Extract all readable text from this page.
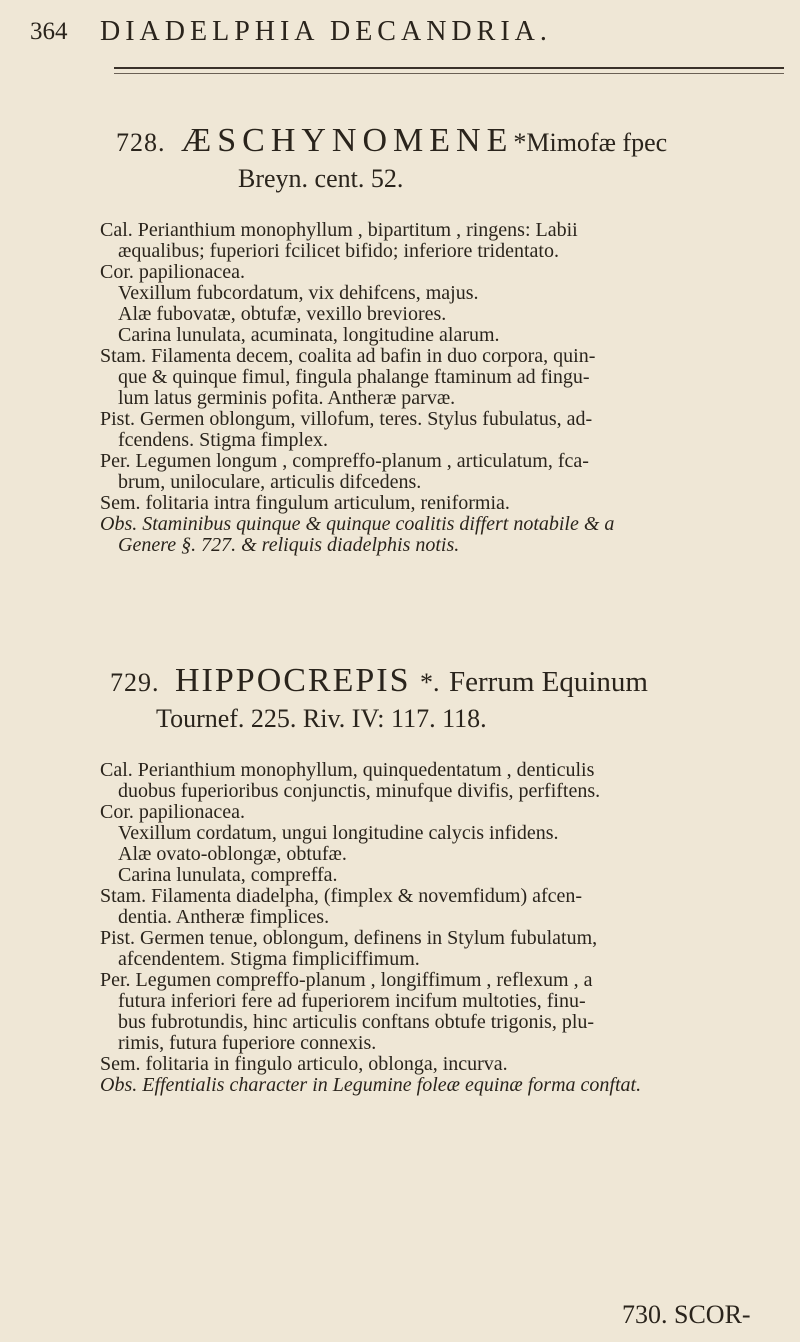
364 DIADELPHIA DECANDRIA.
728. ÆSCHYNOMENE*Mimofæ fpec
Breyn. cent. 52.
Cal. Perianthium monophyllum , bipartitum , ringens: Labii
æqualibus; fuperiori fcilicet bifido; inferiore tridentato.
Cor. papilionacea.
Vexillum fubcordatum, vix dehifcens, majus.
Alæ fubovatæ, obtufæ, vexillo breviores.
Carina lunulata, acuminata, longitudine alarum.
Stam. Filamenta decem, coalita ad bafin in duo corpora, quin-
que & quinque fimul, fingula phalange ftaminum ad fingu-
lum latus germinis pofita. Antheræ parvæ.
Pist. Germen oblongum, villofum, teres. Stylus fubulatus, ad-
fcendens. Stigma fimplex.
Per. Legumen longum , compreffo-planum , articulatum, fca-
brum, uniloculare, articulis difcedens.
Sem. folitaria intra fingulum articulum, reniformia.
Obs. Staminibus quinque & quinque coalitis differt notabile & a
Genere §. 727. & reliquis diadelphis notis.
729. HIPPOCREPIS *. Ferrum Equinum
Tournef. 225. Riv. IV: 117. 118.
Cal. Perianthium monophyllum, quinquedentatum , denticulis
duobus fuperioribus conjunctis, minufque divifis, perfiftens.
Cor. papilionacea.
Vexillum cordatum, ungui longitudine calycis infidens.
Alæ ovato-oblongæ, obtufæ.
Carina lunulata, compreffa.
Stam. Filamenta diadelpha, (fimplex & novemfidum) afcen-
dentia. Antheræ fimplices.
Pist. Germen tenue, oblongum, definens in Stylum fubulatum,
afcendentem. Stigma fimpliciffimum.
Per. Legumen compreffo-planum , longiffimum , reflexum , a
futura inferiori fere ad fuperiorem incifum multoties, finu-
bus fubrotundis, hinc articulis conftans obtufe trigonis, plu-
rimis, futura fuperiore connexis.
Sem. folitaria in fingulo articulo, oblonga, incurva.
Obs. Effentialis character in Legumine foleæ equinæ forma conftat.
730. SCOR-
